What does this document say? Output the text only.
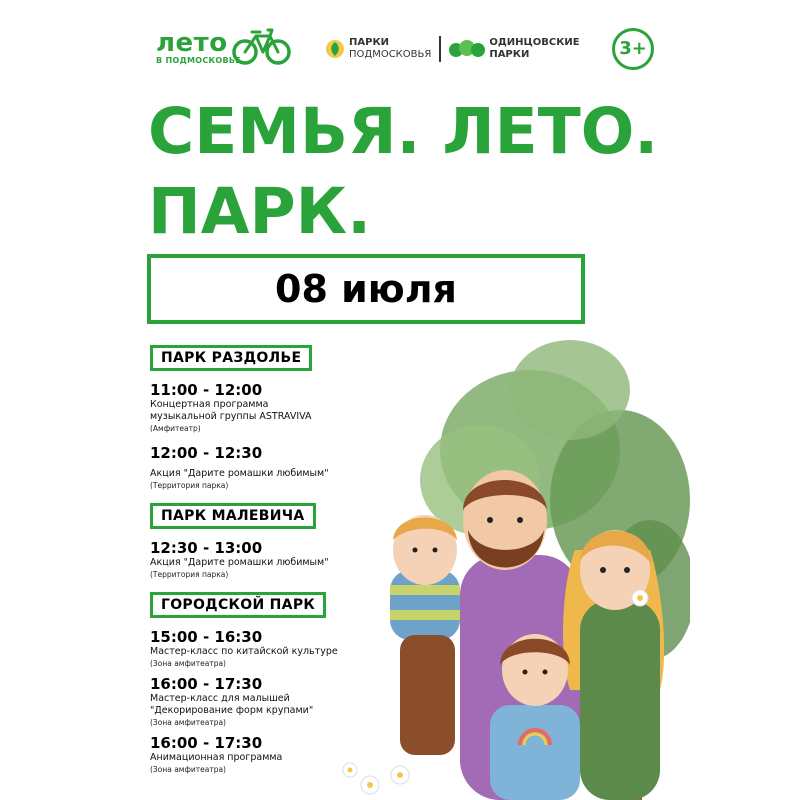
лето
В ПОДМОСКОВЬЕ
ПАРКИ
ПОДМОСКОВЬЯ
ОДИНЦОВСКИЕ
ПАРКИ	3+
СЕМЬЯ. ЛЕТО.
ПАРК.
08 июля
ПАРК РАЗДОЛЬЕ
11:00 - 12:00
Концертная программа
музыкальной группы ASTRAVIVA
(Амфитеатр)
12:00 - 12:30
Акция "Дарите ромашки любимым"
(Территория парка)
ПАРК МАЛЕВИЧА
12:30 - 13:00
Акция "Дарите ромашки любимым"
(Территория парка)
ГОРОДСКОЙ ПАРК
15:00 - 16:30
Мастер-класс по китайской культуре
(Зона амфитеатра)
16:00 - 17:30
Мастер-класс для малышей
"Декорирование форм крупами"
(Зона амфитеатра)
16:00 - 17:30
Анимационная программа
(Зона амфитеатра)
